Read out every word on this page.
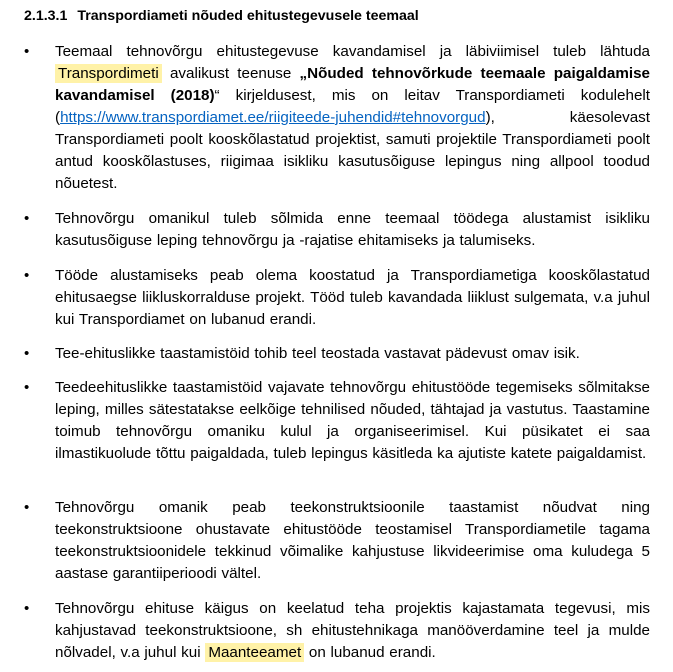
2.1.3.1 Transpordiameti nõuded ehitustegevusele teemaal
•	Teemaal tehnovõrgu ehitustegevuse kavandamisel ja läbiviimisel tuleb lähtuda Transpordimeti avalikust teenuse „Nõuded tehnovõrkude teemaale paigaldamise kavandamisel (2018)“ kirjeldusest, mis on leitav Transpordiameti kodulehelt (https://www.transpordiamet.ee/riigiteede-juhendid#tehnovorgud), käesolevast Transpordiameti poolt kooskõlastatud projektist, samuti projektile Transpordiameti poolt antud kooskõlastuses, riigimaa isikliku kasutusõiguse lepingus ning allpool toodud nõuetest.
•	Tehnovõrgu omanikul tuleb sõlmida enne teemaal töödega alustamist isikliku kasutusõiguse leping tehnovõrgu ja -rajatise ehitamiseks ja talumiseks.
•	Tööde alustamiseks peab olema koostatud ja Transpordiametiga kooskõlastatud ehitusaegse liikluskorralduse projekt. Tööd tuleb kavandada liiklust sulgemata, v.a juhul kui Transpordiamet on lubanud erandi.
•	Tee-ehituslikke taastamistöid tohib teel teostada vastavat pädevust omav isik.
•	Teedeehituslikke taastamistöid vajavate tehnovõrgu ehitustööde tegemiseks sõlmitakse leping, milles sätestatakse eelkõige tehnilised nõuded, tähtajad ja vastutus. Taastamine toimub tehnovõrgu omaniku kulul ja organiseerimisel. Kui püsikatet ei saa ilmastikuolude tõttu paigaldada, tuleb lepingus käsitleda ka ajutiste katete paigaldamist.
•	Tehnovõrgu omanik peab teekonstruktsioonile taastamist nõudvat ning teekonstruktsioone ohustavate ehitustööde teostamisel Transpordiametile tagama teekonstruktsioonidele tekkinud võimalike kahjustuse likvideerimise oma kuludega 5 aastase garantiiperioodi vältel.
•	Tehnovõrgu ehituse käigus on keelatud teha projektis kajastamata tegevusi, mis kahjustavad teekonstruktsioone, sh ehitustehnikaga manööverdamine teel ja mulde nõlvadel, v.a juhul kui Maanteeamet on lubanud erandi.
